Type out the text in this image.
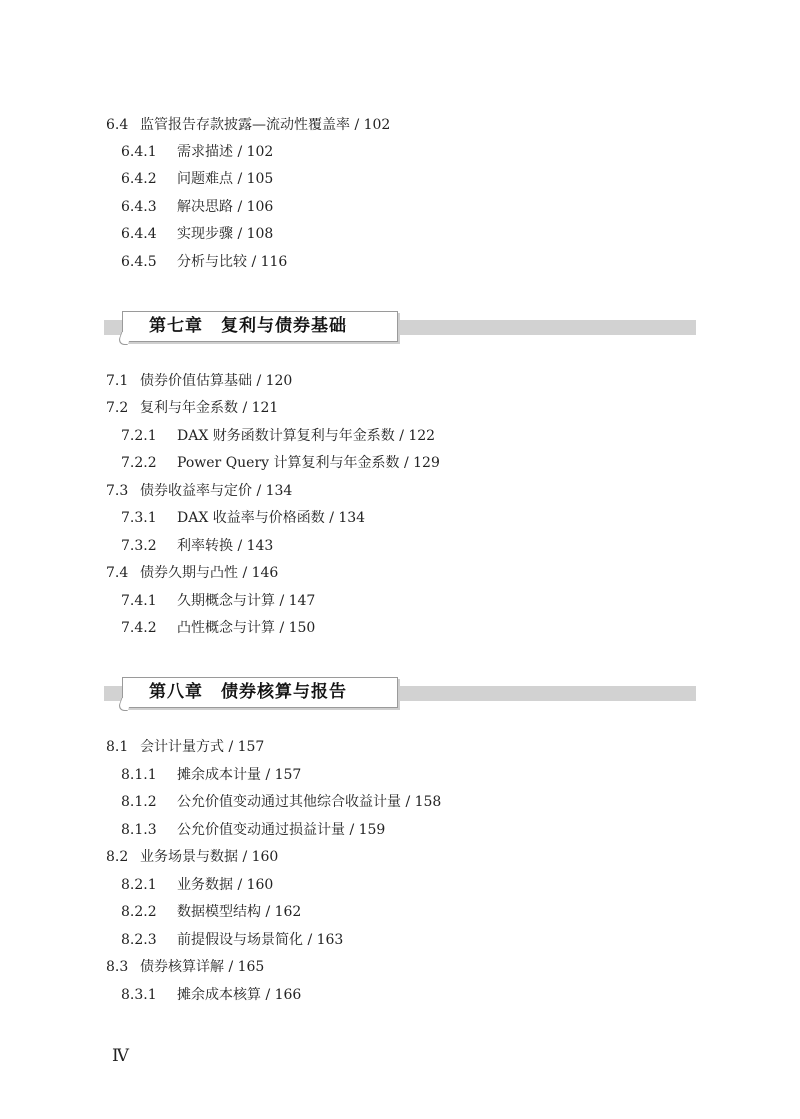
6.4 监管报告存款披露—流动性覆盖率 / 102
6.4.1 需求描述 / 102
6.4.2 问题难点 / 105
6.4.3 解决思路 / 106
6.4.4 实现步骤 / 108
6.4.5 分析与比较 / 116
第七章　复利与债券基础
7.1 债券价值估算基础 / 120
7.2 复利与年金系数 / 121
7.2.1 DAX 财务函数计算复利与年金系数 / 122
7.2.2 Power Query 计算复利与年金系数 / 129
7.3 债券收益率与定价 / 134
7.3.1 DAX 收益率与价格函数 / 134
7.3.2 利率转换 / 143
7.4 债券久期与凸性 / 146
7.4.1 久期概念与计算 / 147
7.4.2 凸性概念与计算 / 150
第八章　债券核算与报告
8.1 会计计量方式 / 157
8.1.1 摊余成本计量 / 157
8.1.2 公允价值变动通过其他综合收益计量 / 158
8.1.3 公允价值变动通过损益计量 / 159
8.2 业务场景与数据 / 160
8.2.1 业务数据 / 160
8.2.2 数据模型结构 / 162
8.2.3 前提假设与场景简化 / 163
8.3 债券核算详解 / 165
8.3.1 摊余成本核算 / 166
Ⅳ
